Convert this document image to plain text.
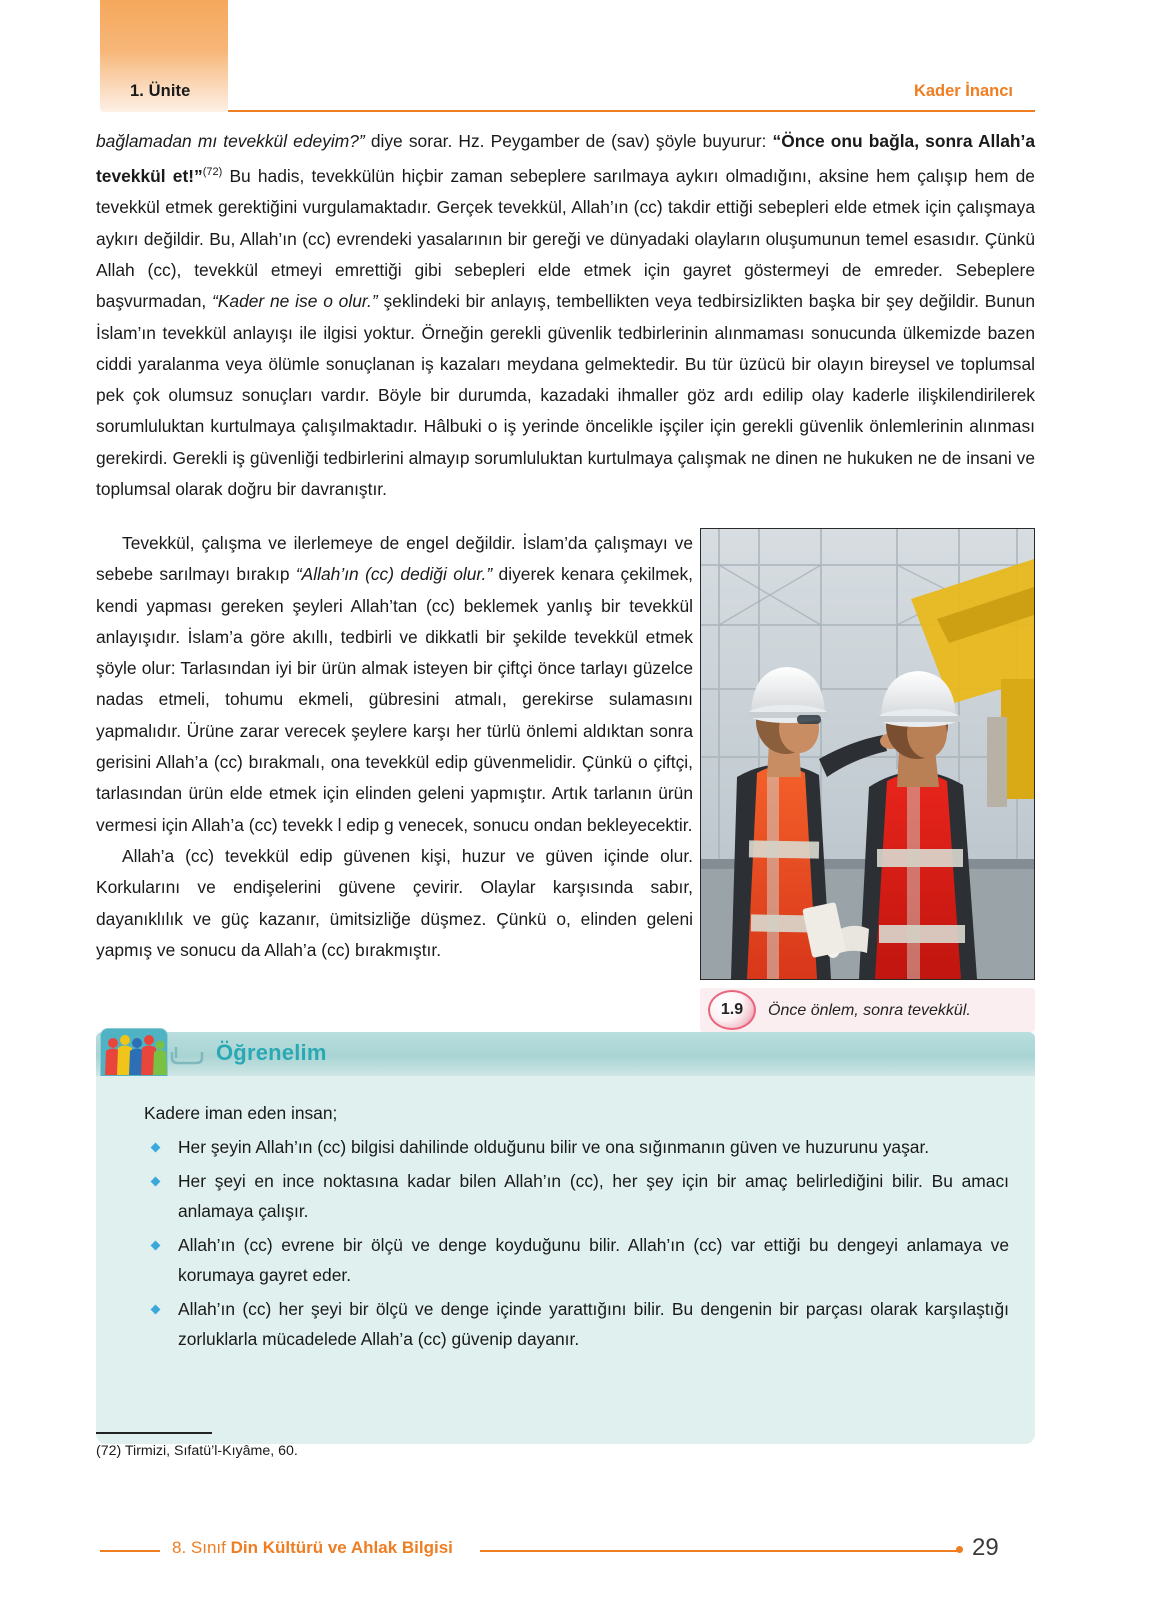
1. Ünite	Kader İnancı

bağlamadan mı tevekkül edeyim?” diye sorar. Hz. Peygamber de (sav) şöyle buyurur: “Önce onu bağla, sonra Allah’a tevekkül et!”$^{(72)}$ Bu hadis, tevekkülün hiçbir zaman sebeplere sarılmaya aykırı olmadığını, aksine hem çalışıp hem de tevekkül etmek gerektiğini vurgulamaktadır. Gerçek tevekkül, Allah’ın (cc) takdir ettiği sebepleri elde etmek için çalışmaya aykırı değildir. Bu, Allah’ın (cc) evrendeki yasalarının bir gereği ve dünyadaki olayların oluşumunun temel esasıdır. Çünkü Allah (cc), tevekkül etmeyi emrettiği gibi sebepleri elde etmek için gayret göstermeyi de emreder. Sebeplere başvurmadan, “Kader ne ise o olur.” şeklindeki bir anlayış, tembellikten veya tedbirsizlikten başka bir şey değildir. Bunun İslam’ın tevekkül anlayışı ile ilgisi yoktur. Örneğin gerekli güvenlik tedbirlerinin alınmaması sonucunda ülkemizde bazen ciddi yaralanma veya ölümle sonuçlanan iş kazaları meydana gelmektedir. Bu tür üzücü bir olayın bireysel ve toplumsal pek çok olumsuz sonuçları vardır. Böyle bir durumda, kazadaki ihmaller göz ardı edilip olay kaderle ilişkilendirilerek sorumluluktan kurtulmaya çalışılmaktadır. Hâlbuki o iş yerinde öncelikle işçiler için gerekli güvenlik önlemlerinin alınması gerekirdi. Gerekli iş güvenliği tedbirlerini almayıp sorumluluktan kurtulmaya çalışmak ne dinen ne hukuken ne de insani ve toplumsal olarak doğru bir davranıştır.

Tevekkül, çalışma ve ilerlemeye de engel değildir. İslam’da çalışmayı ve sebebe sarılmayı bırakıp “Allah’ın (cc) dediği olur.” diyerek kenara çekilmek, kendi yapması gereken şeyleri Allah’tan (cc) beklemek yanlış bir tevekkül anlayışıdır. İslam’a göre akıllı, tedbirli ve dikkatli bir şekilde tevekkül etmek şöyle olur: Tarlasından iyi bir ürün almak isteyen bir çiftçi önce tarlayı güzelce nadas etmeli, tohumu ekmeli, gübresini atmalı, gerekirse sulamasını yapmalıdır. Ürüne zarar verecek şeylere karşı her türlü önlemi aldıktan sonra gerisini Allah’a (cc) bırakmalı, ona tevekkül edip güvenmelidir. Çünkü o çiftçi, tarlasından ürün elde etmek için elinden geleni yapmıştır. Artık tarlanın ürün vermesi için Allah’a (cc) tevekk l edip g venecek, sonucu ondan bekleyecektir.

Allah’a (cc) tevekkül edip güvenen kişi, huzur ve güven içinde olur. Korkularını ve endişelerini güvene çevirir. Olaylar karşısında sabır, dayanıklılık ve güç kazanır, ümitsizliğe düşmez. Çünkü o, elinden geleni yapmış ve sonucu da Allah’a (cc) bırakmıştır.

1.9 Önce önlem, sonra tevekkül.
Öğrenelim

Kadere iman eden insan;

Her şeyin Allah’ın (cc) bilgisi dahilinde olduğunu bilir ve ona sığınmanın güven ve huzurunu yaşar.
Her şeyi en ince noktasına kadar bilen Allah’ın (cc), her şey için bir amaç belirlediğini bilir. Bu amacı anlamaya çalışır.
Allah’ın (cc) evrene bir ölçü ve denge koyduğunu bilir. Allah’ın (cc) var ettiği bu dengeyi anlamaya ve korumaya gayret eder.
Allah’ın (cc) her şeyi bir ölçü ve denge içinde yarattığını bilir. Bu dengenin bir parçası olarak karşılaştığı zorluklarla mücadelede Allah’a (cc) güvenip dayanır.
(72) Tirmizi, Sıfatü’l-Kıyâme, 60.
8. Sınıf Din Kültürü ve Ahlak Bilgisi	29
